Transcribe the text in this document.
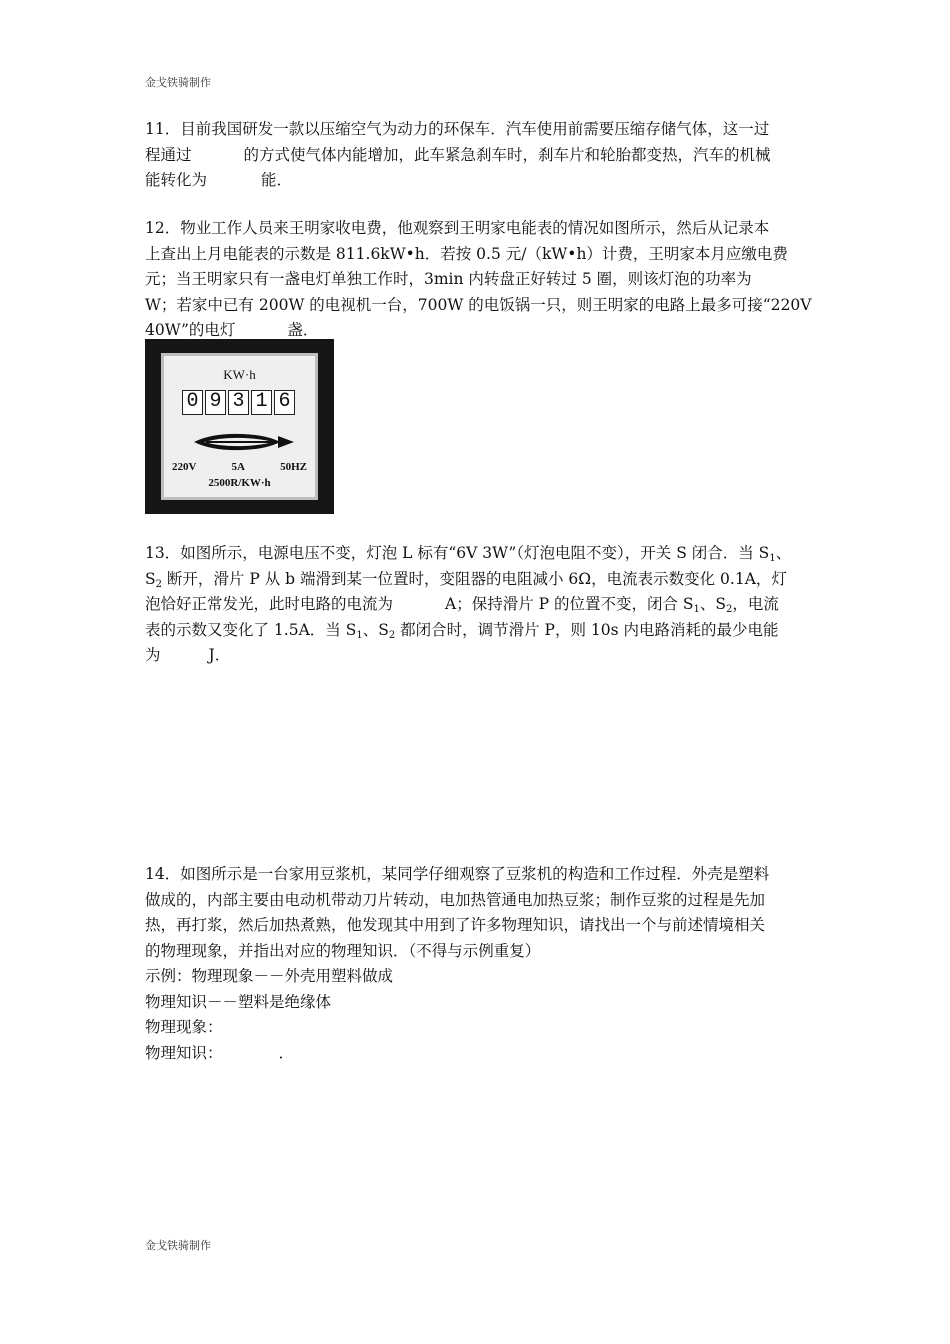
金戈铁骑制作
11．目前我国研发一款以压缩空气为动力的环保车．汽车使用前需要压缩存储气体，这一过
程通过	的方式使气体内能增加，此车紧急刹车时，刹车片和轮胎都变热，汽车的机械
能转化为	能．
12．物业工作人员来王明家收电费，他观察到王明家电能表的情况如图所示，然后从记录本
上查出上月电能表的示数是 811.6kW•h．若按 0.5 元/（kW•h）计费，王明家本月应缴电费
元；当王明家只有一盏电灯单独工作时，3min 内转盘正好转过 5 圈，则该灯泡的功率为
W；若家中已有 200W 的电视机一台，700W 的电饭锅一只，则王明家的电路上最多可接“220V
40W”的电灯	盏．
KW·h
0 9 3 1 6
220V	5A	50HZ
2500R/KW·h
13．如图所示，电源电压不变，灯泡 L 标有“6V 3W”（灯泡电阻不变），开关 S 闭合．当 $S_1$、
$S_2$ 断开，滑片 P 从 b 端滑到某一位置时，变阻器的电阻减小 6Ω，电流表示数变化 0.1A，灯
泡恰好正常发光，此时电路的电流为	A；保持滑片 P 的位置不变，闭合 $S_1$、$S_2$，电流
表的示数又变化了 1.5A．当 $S_1$、$S_2$ 都闭合时，调节滑片 P，则 10s 内电路消耗的最少电能
为	J．
14．如图所示是一台家用豆浆机，某同学仔细观察了豆浆机的构造和工作过程．外壳是塑料
做成的，内部主要由电动机带动刀片转动，电加热管通电加热豆浆；制作豆浆的过程是先加
热，再打浆，然后加热煮熟，他发现其中用到了许多物理知识，请找出一个与前述情境相关
的物理现象，并指出对应的物理知识．（不得与示例重复）
示例：物理现象－－外壳用塑料做成
物理知识－－塑料是绝缘体
物理现象：
物理知识：	．
金戈铁骑制作
